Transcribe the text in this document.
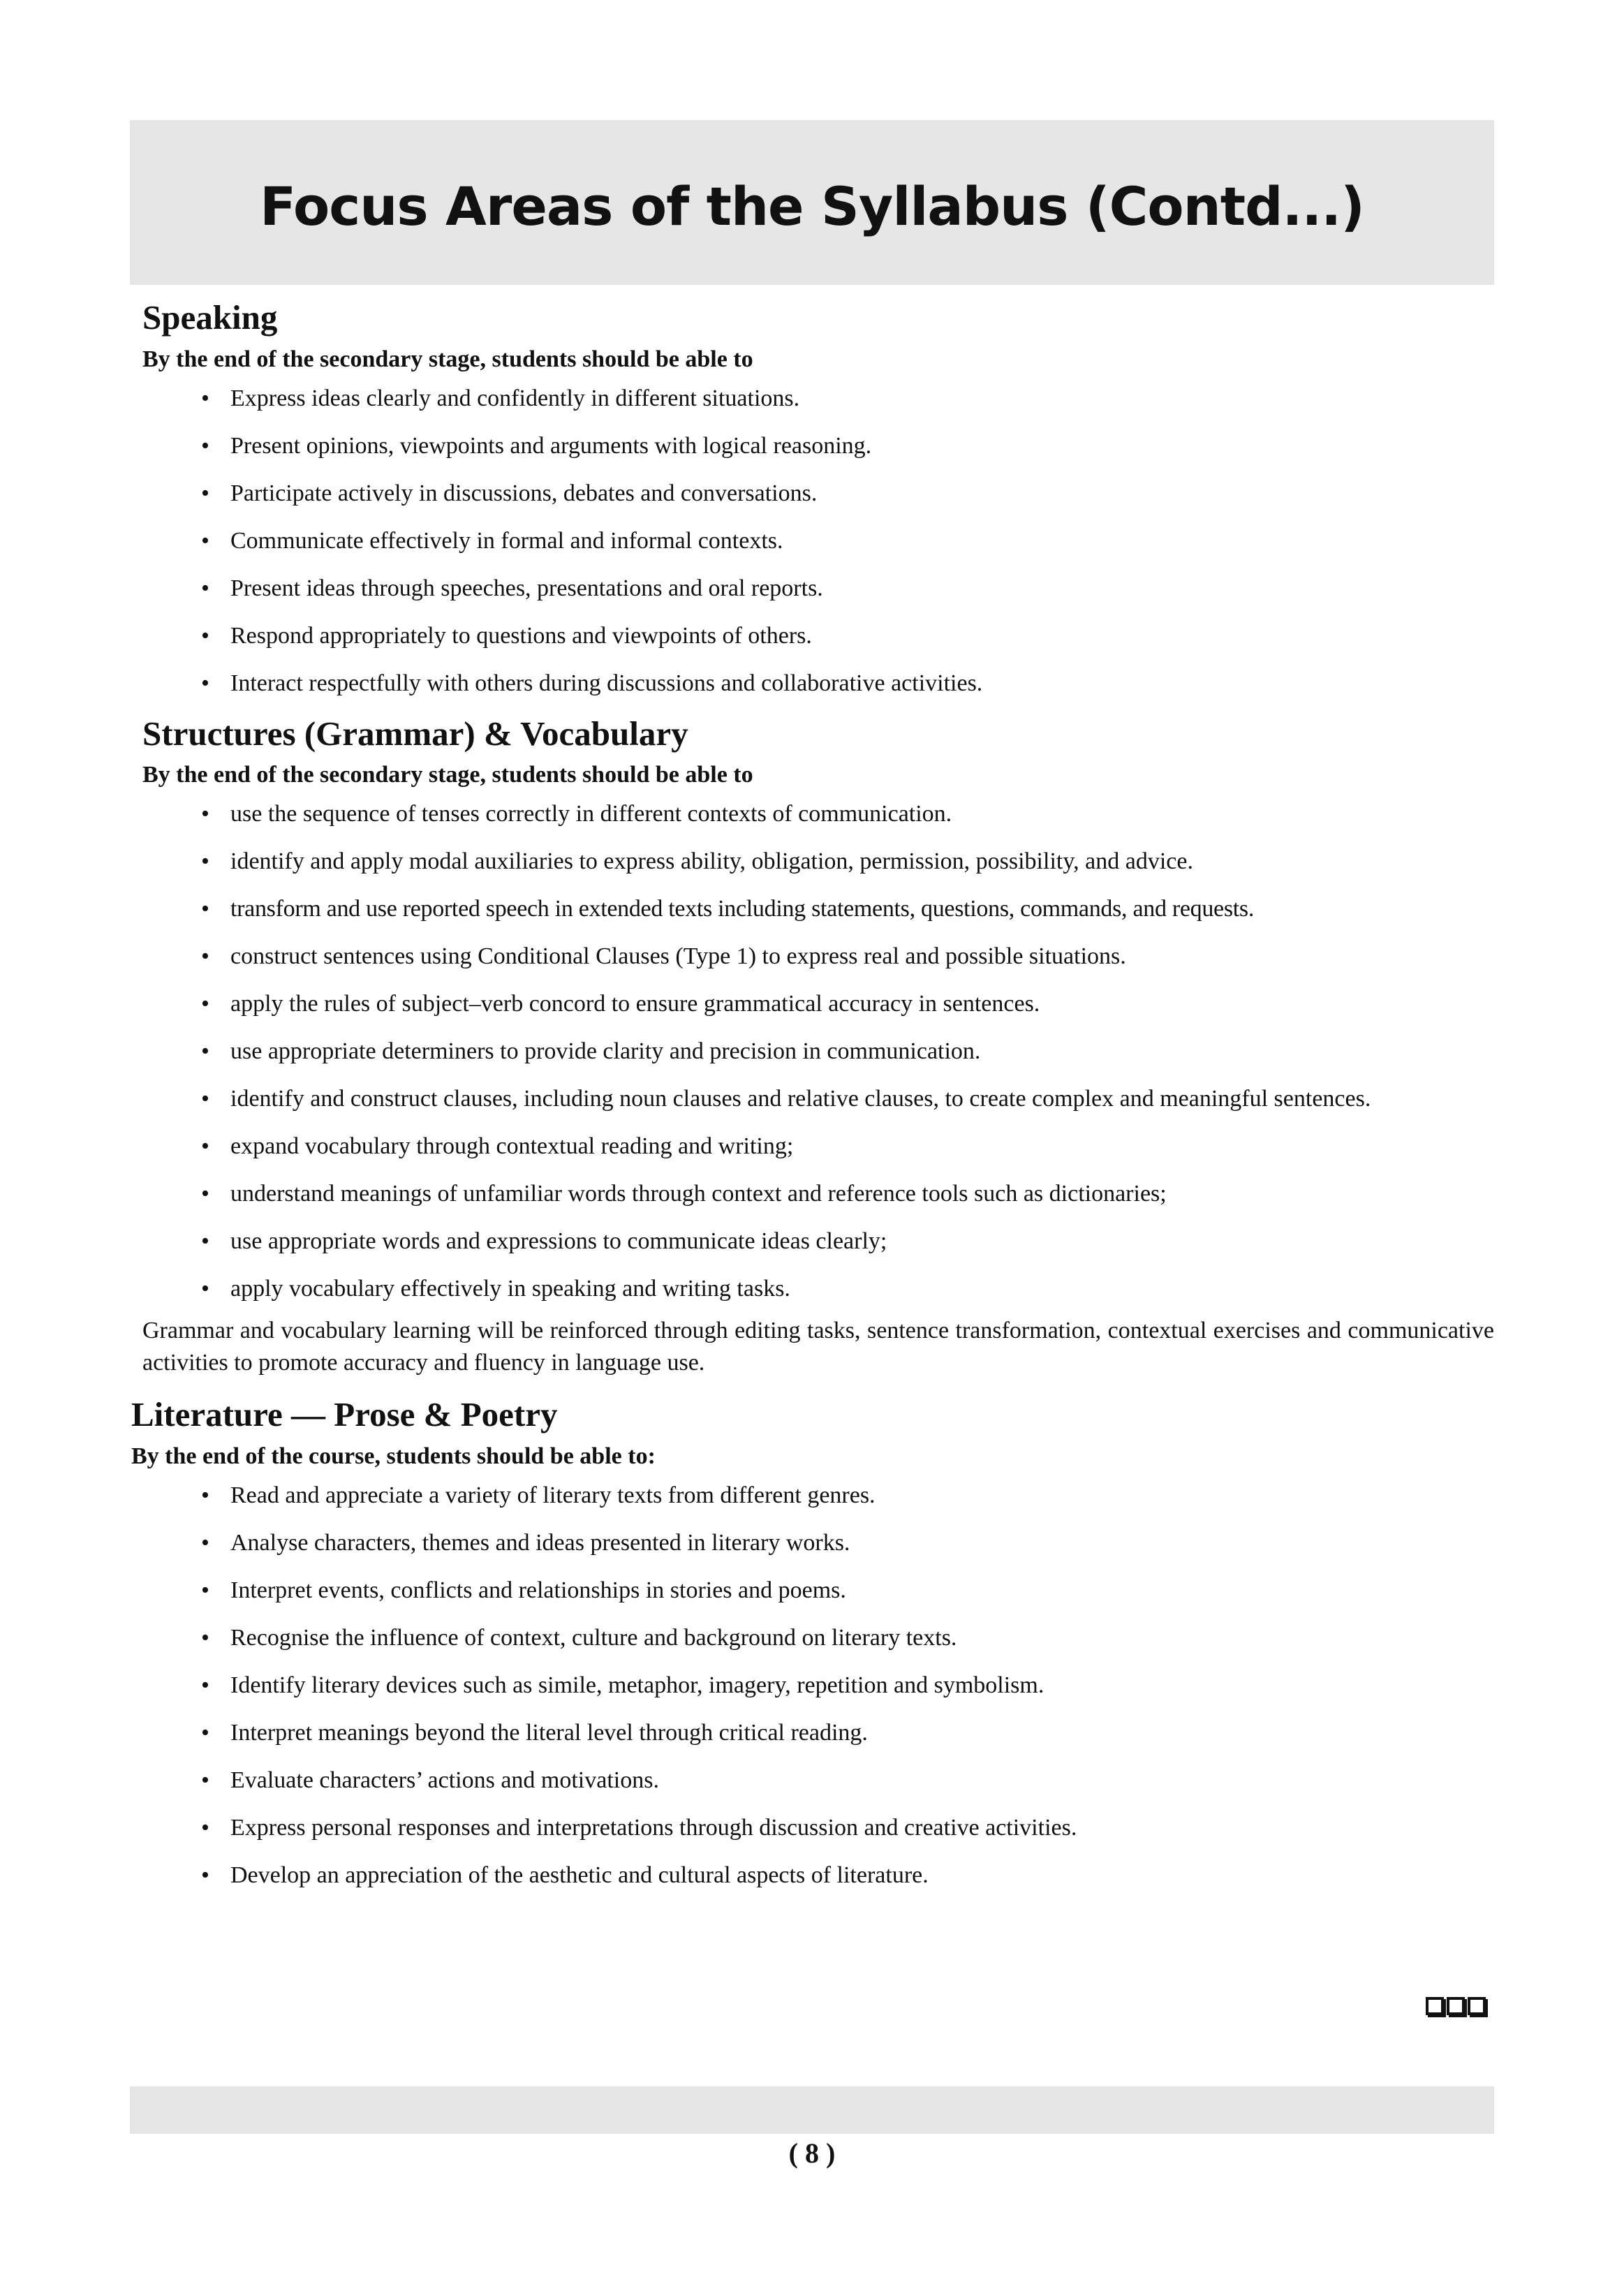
Focus Areas of the Syllabus (Contd...)
Speaking

By the end of the secondary stage, students should be able to

• Express ideas clearly and confidently in different situations.
• Present opinions, viewpoints and arguments with logical reasoning.
• Participate actively in discussions, debates and conversations.
• Communicate effectively in formal and informal contexts.
• Present ideas through speeches, presentations and oral reports.
• Respond appropriately to questions and viewpoints of others.
• Interact respectfully with others during discussions and collaborative activities.
Structures (Grammar) & Vocabulary

By the end of the secondary stage, students should be able to

• use the sequence of tenses correctly in different contexts of communication.
• identify and apply modal auxiliaries to express ability, obligation, permission, possibility, and advice.
• transform and use reported speech in extended texts including statements, questions, commands, and requests.
• construct sentences using Conditional Clauses (Type 1) to express real and possible situations.
• apply the rules of subject–verb concord to ensure grammatical accuracy in sentences.
• use appropriate determiners to provide clarity and precision in communication.
• identify and construct clauses, including noun clauses and relative clauses, to create complex and meaningful sentences.
• expand vocabulary through contextual reading and writing;
• understand meanings of unfamiliar words through context and reference tools such as dictionaries;
• use appropriate words and expressions to communicate ideas clearly;
• apply vocabulary effectively in speaking and writing tasks.

Grammar and vocabulary learning will be reinforced through editing tasks, sentence transformation, contextual exercises and communicative activities to promote accuracy and fluency in language use.

Literature — Prose & Poetry

By the end of the course, students should be able to:

• Read and appreciate a variety of literary texts from different genres.
• Analyse characters, themes and ideas presented in literary works.
• Interpret events, conflicts and relationships in stories and poems.
• Recognise the influence of context, culture and background on literary texts.
• Identify literary devices such as simile, metaphor, imagery, repetition and symbolism.
• Interpret meanings beyond the literal level through critical reading.
• Evaluate characters’ actions and motivations.
• Express personal responses and interpretations through discussion and creative activities.
• Develop an appreciation of the aesthetic and cultural aspects of literature.
( 8 )
